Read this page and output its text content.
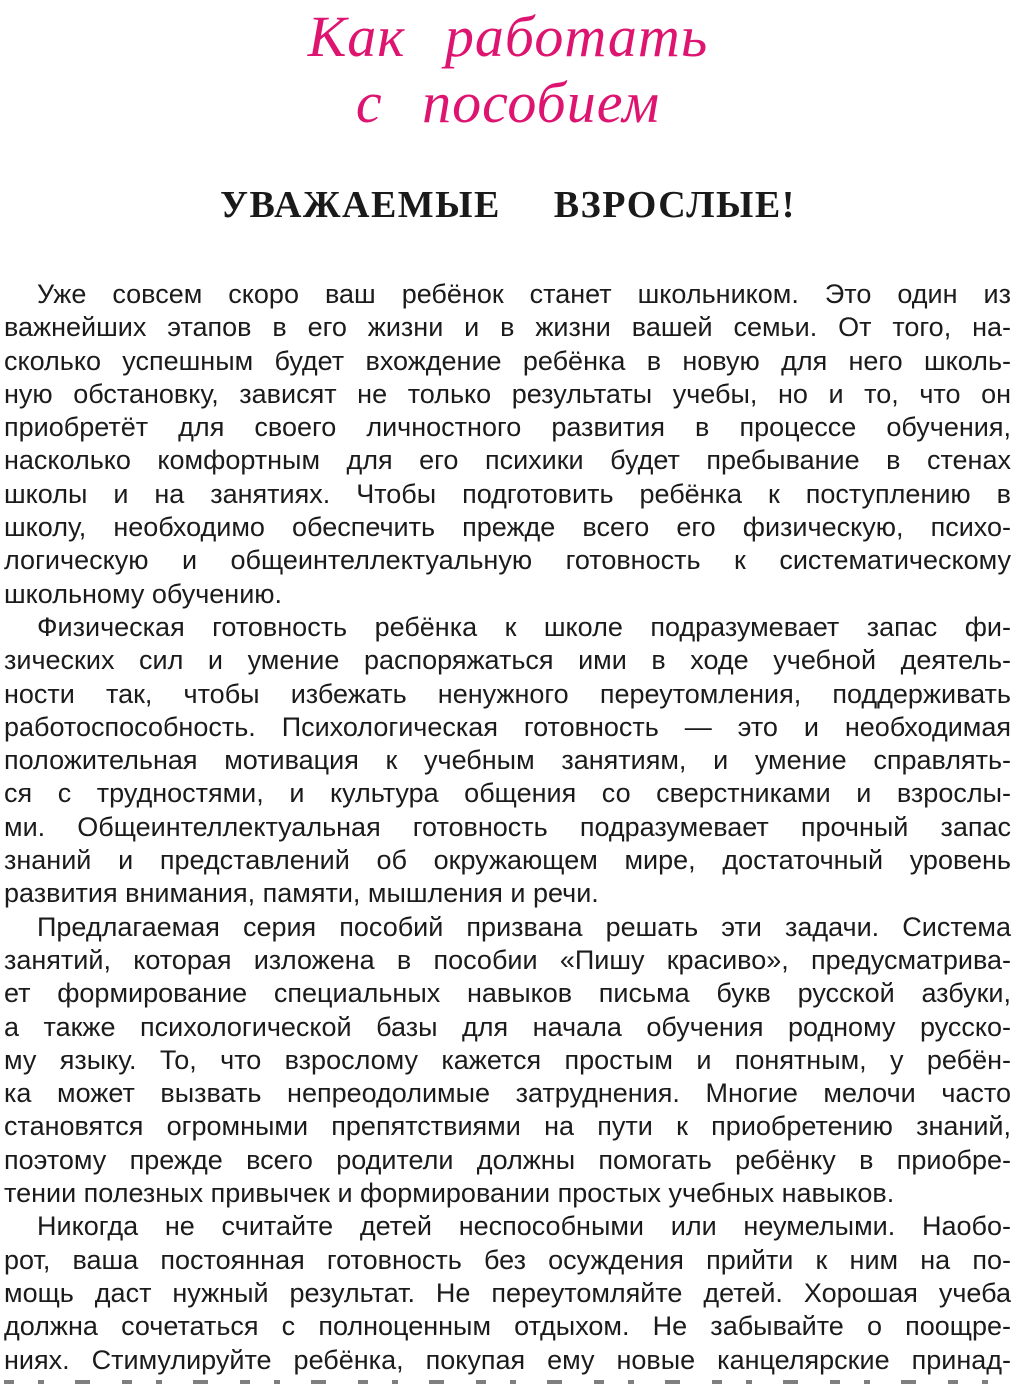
Как работать
с пособием
УВАЖАЕМЫЕ ВЗРОСЛЫЕ!
Уже совсем скоро ваш ребёнок станет школьником. Это один из
важнейших этапов в его жизни и в жизни вашей семьи. От того, на-
сколько успешным будет вхождение ребёнка в новую для него школь-
ную обстановку, зависят не только результаты учебы, но и то, что он
приобретёт для своего личностного развития в процессе обучения,
насколько комфортным для его психики будет пребывание в стенах
школы и на занятиях. Чтобы подготовить ребёнка к поступлению в
школу, необходимо обеспечить прежде всего его физическую, психо-
логическую и общеинтеллектуальную готовность к систематическому
школьному обучению.
Физическая готовность ребёнка к школе подразумевает запас фи-
зических сил и умение распоряжаться ими в ходе учебной деятель-
ности так, чтобы избежать ненужного переутомления, поддерживать
работоспособность. Психологическая готовность — это и необходимая
положительная мотивация к учебным занятиям, и умение справлять-
ся с трудностями, и культура общения со сверстниками и взрослы-
ми. Общеинтеллектуальная готовность подразумевает прочный запас
знаний и представлений об окружающем мире, достаточный уровень
развития внимания, памяти, мышления и речи.
Предлагаемая серия пособий призвана решать эти задачи. Система
занятий, которая изложена в пособии «Пишу красиво», предусматрива-
ет формирование специальных навыков письма букв русской азбуки,
а также психологической базы для начала обучения родному русско-
му языку. То, что взрослому кажется простым и понятным, у ребён-
ка может вызвать непреодолимые затруднения. Многие мелочи часто
становятся огромными препятствиями на пути к приобретению знаний,
поэтому прежде всего родители должны помогать ребёнку в приобре-
тении полезных привычек и формировании простых учебных навыков.
Никогда не считайте детей неспособными или неумелыми. Наобо-
рот, ваша постоянная готовность без осуждения прийти к ним на по-
мощь даст нужный результат. Не переутомляйте детей. Хорошая учеба
должна сочетаться с полноценным отдыхом. Не забывайте о поощре-
ниях. Стимулируйте ребёнка, покупая ему новые канцелярские принад-
